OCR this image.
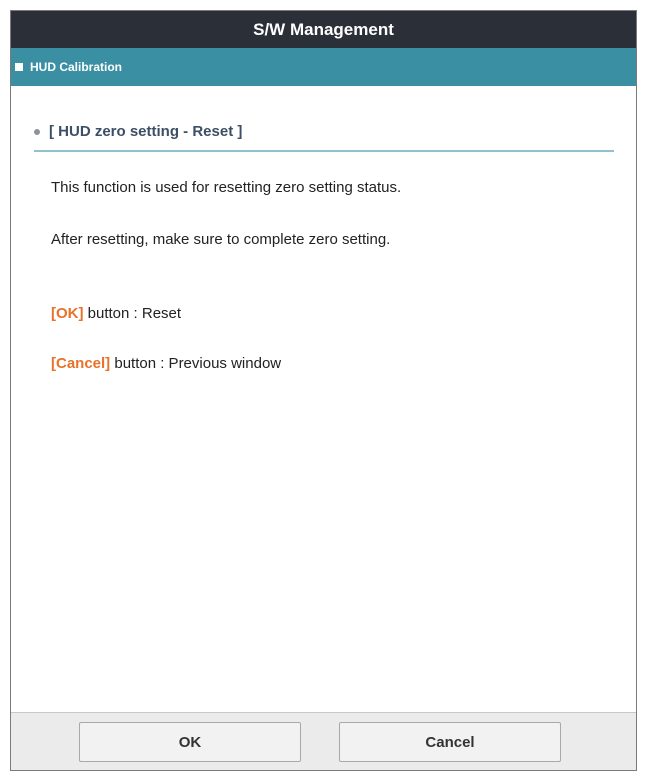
S/W Management
HUD Calibration
[ HUD zero setting - Reset ]
This function is used for resetting zero setting status.
After resetting, make sure to complete zero setting.
[OK] button : Reset
[Cancel] button : Previous window
OK	Cancel
